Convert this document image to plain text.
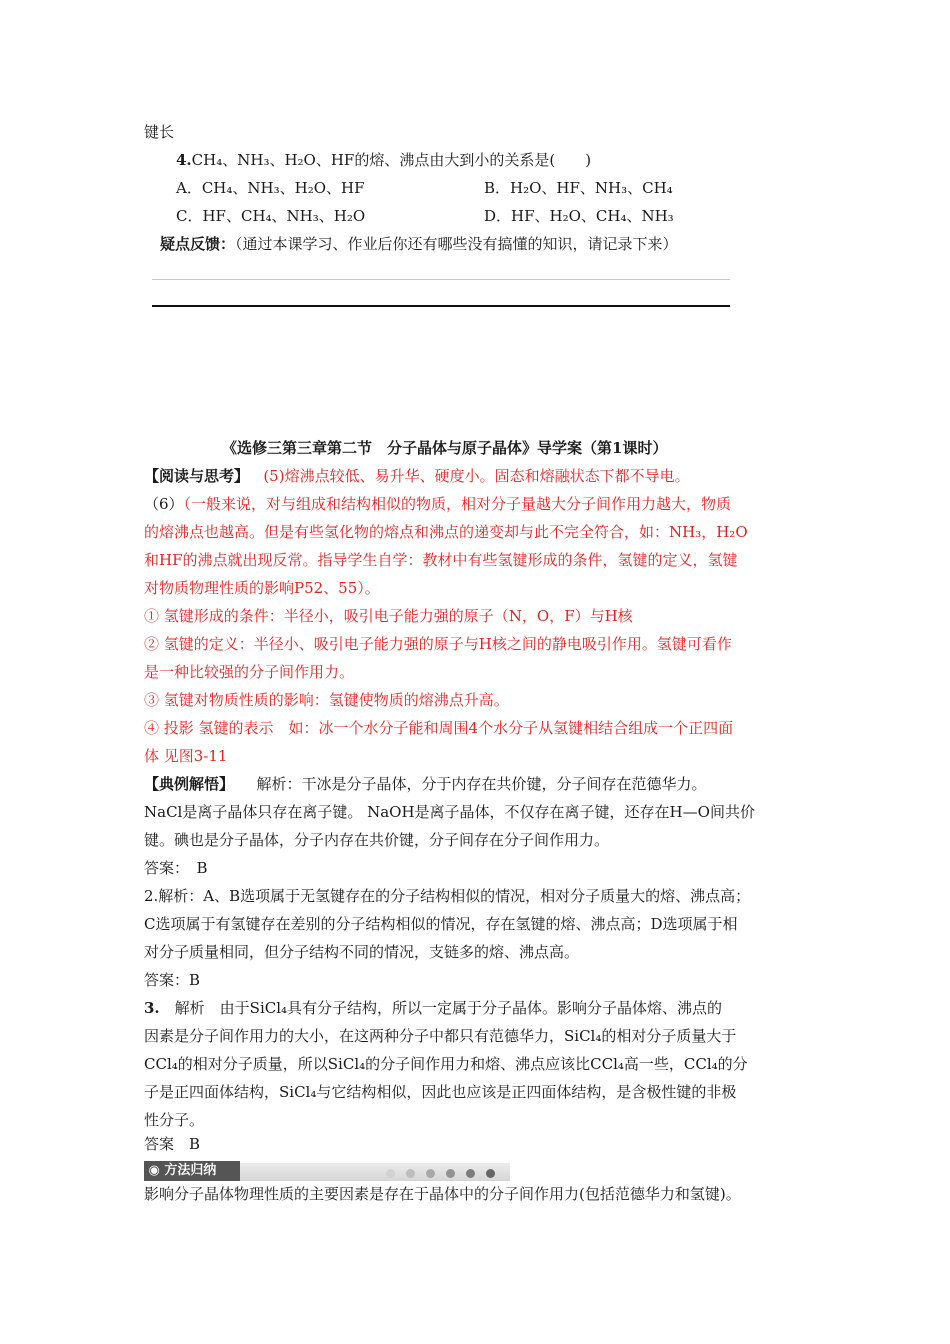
键长
4.CH₄、NH₃、H₂O、HF的熔、沸点由大到小的关系是(　　)
A．CH₄、NH₃、H₂O、HF	B．H₂O、HF、NH₃、CH₄
C．HF、CH₄、NH₃、H₂O	D．HF、H₂O、CH₄、NH₃
疑点反馈：（通过本课学习、作业后你还有哪些没有搞懂的知识，请记录下来）
《选修三第三章第二节　分子晶体与原子晶体》导学案（第1课时）
【阅读与思考】 (5)熔沸点较低、易升华、硬度小。固态和熔融状态下都不导电。
（6）（一般来说，对与组成和结构相似的物质，相对分子量越大分子间作用力越大，物质
的熔沸点也越高。但是有些氢化物的熔点和沸点的递变却与此不完全符合，如：NH₃，H₂O
和HF的沸点就出现反常。指导学生自学：教材中有些氢键形成的条件，氢键的定义，氢键
对物质物理性质的影响P52、55）。
① 氢键形成的条件：半径小，吸引电子能力强的原子（N，O，F）与H核
② 氢键的定义：半径小、吸引电子能力强的原子与H核之间的静电吸引作用。氢键可看作
是一种比较强的分子间作用力。
③ 氢键对物质性质的影响：氢键使物质的熔沸点升高。
④ 投影 氢键的表示　如：冰一个水分子能和周围4个水分子从氢键相结合组成一个正四面
体 见图3-11
【典例解悟】　　解析：干冰是分子晶体，分于内存在共价键，分子间存在范德华力。
NaCl是离子晶体只存在离子键。 NaOH是离子晶体，不仅存在离子键，还存在H—O间共价
键。碘也是分子晶体，分子内存在共价键，分子间存在分子间作用力。
答案：　B
2.解析：A、B选项属于无氢键存在的分子结构相似的情况，相对分子质量大的熔、沸点高；
C选项属于有氢键存在差别的分子结构相似的情况，存在氢键的熔、沸点高；D选项属于相
对分子质量相同，但分子结构不同的情况，支链多的熔、沸点高。
答案：B
3.　解析　由于SiCl₄具有分子结构，所以一定属于分子晶体。影响分子晶体熔、沸点的
因素是分子间作用力的大小，在这两种分子中都只有范德华力，SiCl₄的相对分子质量大于
CCl₄的相对分子质量，所以SiCl₄的分子间作用力和熔、沸点应该比CCl₄高一些，CCl₄的分
子是正四面体结构，SiCl₄与它结构相似，因此也应该是正四面体结构，是含极性键的非极
性分子。
答案　B
◉ 方法归纳
影响分子晶体物理性质的主要因素是存在于晶体中的分子间作用力(包括范德华力和氢键)。
